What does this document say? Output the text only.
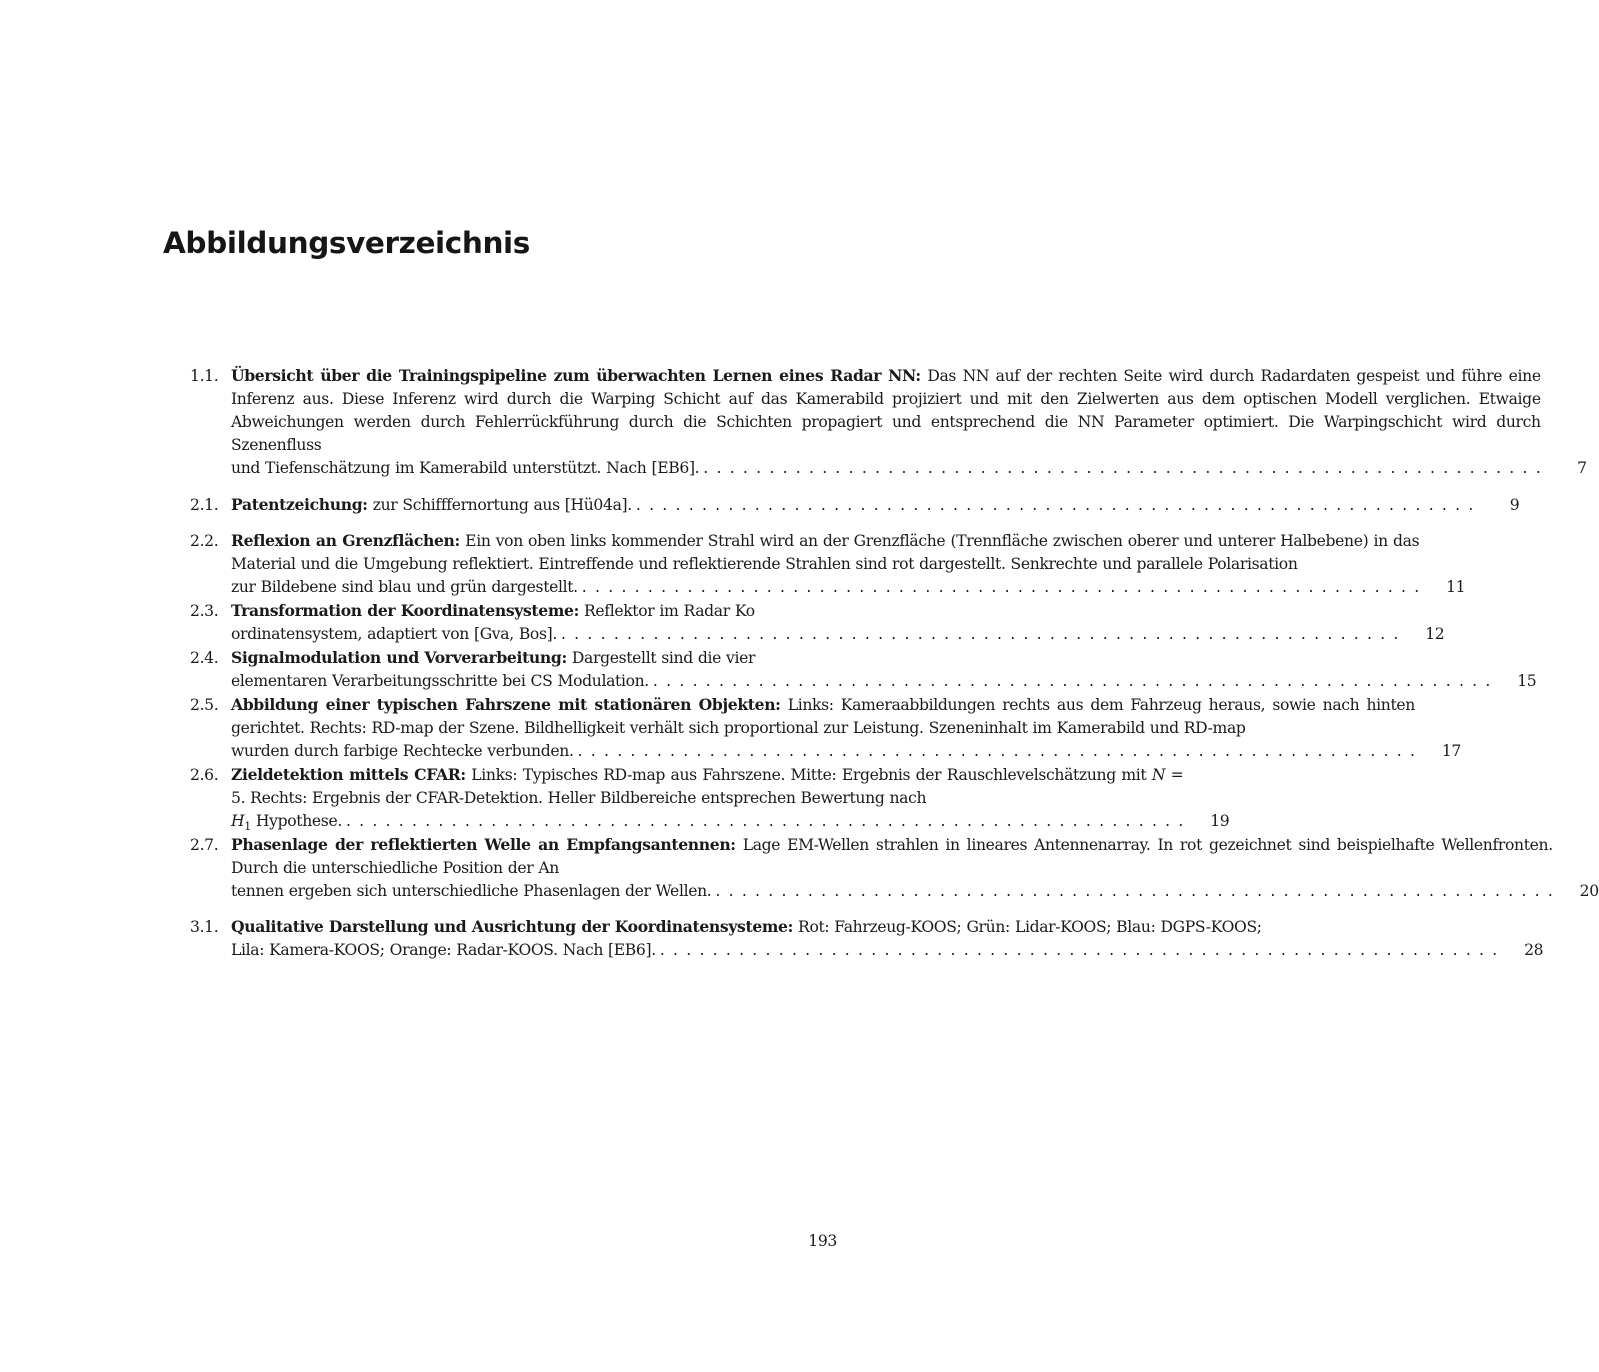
Abbildungsverzeichnis
1.1. Übersicht über die Trainingspipeline zum überwachten Lernen eines Radar NN: Das NN auf der rechten Seite wird durch Radardaten gespeist und führe eine Inferenz aus. Diese Inferenz wird durch die Warping Schicht auf das Kamerabild projiziert und mit den Zielwerten aus dem optischen Modell verglichen. Etwaige Abweichungen werden durch Fehlerrückführung durch die Schichten propagiert und entsprechend die NN Parameter optimiert. Die Warpingschicht wird durch Szenenfluss
und Tiefenschätzung im Kamerabild unterstützt. Nach [EB6]. . . .	7
2.1. Patentzeichung: zur Schifffernortung aus [Hü04a]. . . .	9
2.2. Reflexion an Grenzflächen: Ein von oben links kommender Strahl wird an der Grenzfläche (Trennfläche zwischen oberer und unterer Halbebene) in das Material und die Umgebung reflektiert. Eintreffende und reflektierende Strahlen sind rot dargestellt. Senkrechte und parallele Polarisation
zur Bildebene sind blau und grün dargestellt. . . .	11
2.3. Transformation der Koordinatensysteme: Reflektor im Radar Ko
ordinatensystem, adaptiert von [Gva, Bos]. . . .	12
2.4. Signalmodulation und Vorverarbeitung: Dargestellt sind die vier
elementaren Verarbeitungsschritte bei CS Modulation. . . .	15
2.5. Abbildung einer typischen Fahrszene mit stationären Objekten: Links: Kameraabbildungen rechts aus dem Fahrzeug heraus, sowie nach hinten gerichtet. Rechts: RD-map der Szene. Bildhelligkeit verhält sich proportional zur Leistung. Szeneninhalt im Kamerabild und RD-map
wurden durch farbige Rechtecke verbunden. . . .	17
2.6. Zieldetektion mittels CFAR: Links: Typisches RD-map aus Fahrszene. Mitte: Ergebnis der Rauschlevelschätzung mit N = 5. Rechts: Ergebnis der CFAR-Detektion. Heller Bildbereiche entsprechen Bewertung nach
$H_1$ Hypothese. . . .	19
2.7. Phasenlage der reflektierten Welle an Empfangsantennen: Lage EM-Wellen strahlen in lineares Antennenarray. In rot gezeichnet sind beispielhafte Wellenfronten. Durch die unterschiedliche Position der An
tennen ergeben sich unterschiedliche Phasenlagen der Wellen. . . .	20
3.1. Qualitative Darstellung und Ausrichtung der Koordinatensysteme: Rot: Fahrzeug-KOOS; Grün: Lidar-KOOS; Blau: DGPS-KOOS;
Lila: Kamera-KOOS; Orange: Radar-KOOS. Nach [EB6]. . . .	28
193
